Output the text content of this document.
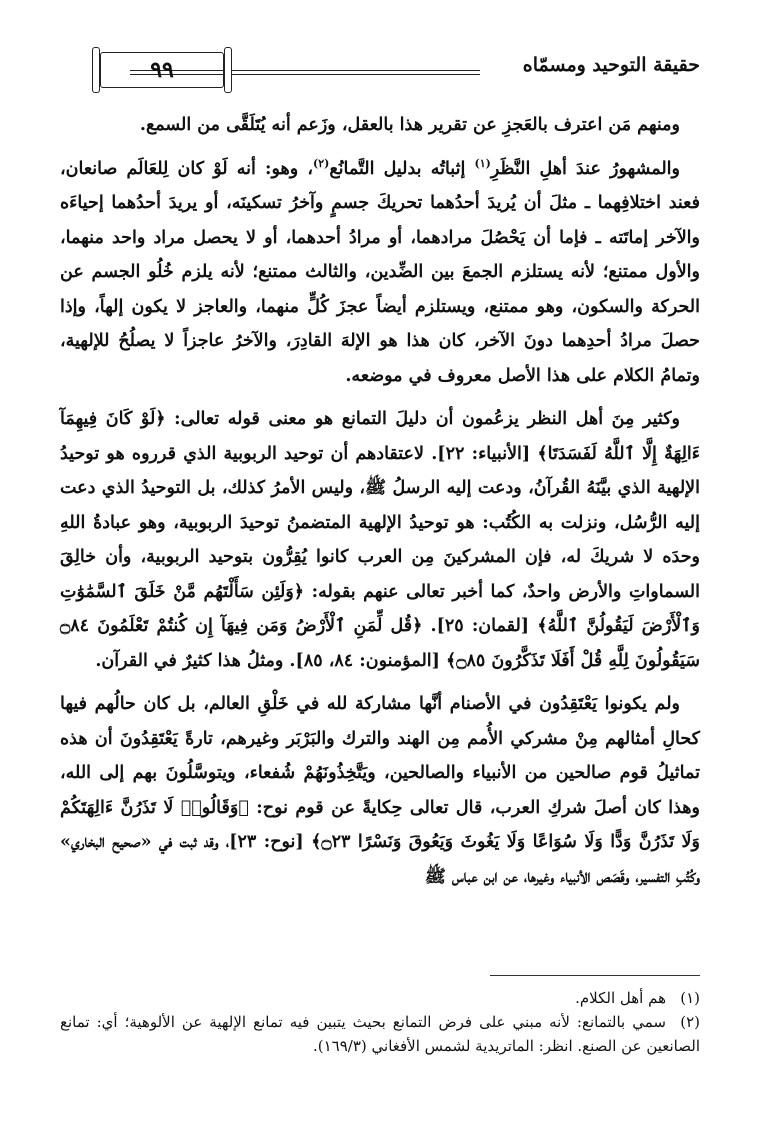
حقيقة التوحيد ومسمّاه
٩٩

ومنهم مَن اعترف بالعَجزِ عن تقرير هذا بالعقل، وزَعم أنه يُتَلَقَّى من السمع.

والمشهورُ عندَ أهلِ النَّظَرِ$^{(١)}$ إثباتُه بدليل التَّمانُع$^{(٢)}$، وهو: أنه لَوْ كان لِلعَالَم صانعان، فعند اختلافِهما ـ مثلَ أن يُريدَ أحدُهما تحريكَ جسمٍ وآخرُ تسكينَه، أو يريدَ أحدُهما إحياءَه والآخر إماتَته ـ فإما أن يَحْصُلَ مرادهما، أو مرادُ أحدهما، أو لا يحصل مراد واحد منهما، والأول ممتنع؛ لأنه يستلزم الجمعَ بين الضِّدين، والثالث ممتنع؛ لأنه يلزم خُلُو الجسم عن الحركة والسكون، وهو ممتنع، ويستلزم أيضاً عجزَ كُلٍّ منهما، والعاجز لا يكون إلهاً، وإذا حصلَ مرادُ أحدِهما دونَ الآخر، كان هذا هو الإلهَ القادِرَ، والآخرُ عاجزاً لا يصلُحُ للإلهية، وتمامُ الكلام على هذا الأصل معروف في موضعه.

وكثير مِنَ أهل النظر يزعُمون أن دليلَ التمانع هو معنى قوله تعالى: ﴿لَوْ كَانَ فِيهِمَآ ءَالِهَةٌ إِلَّا ٱللَّهُ لَفَسَدَتَا﴾ [الأنبياء: ٢٢]. لاعتقادهم أن توحيد الربوبية الذي قرروه هو توحيدُ الإلهية الذي بيَّنَهُ القُرآنُ، ودعت إليه الرسلُ ﷺ، وليس الأمرُ كذلك، بل التوحيدُ الذي دعت إليه الرُّسُل، ونزلت به الكُتُب: هو توحيدُ الإلهية المتضمنُ توحيدَ الربوبية، وهو عبادةُ اللهِ وحدَه لا شريكَ له، فإن المشركينَ مِن العرب كانوا يُقِرُّون بتوحيد الربوبية، وأن خالِقَ السماواتِ والأرض واحدٌ، كما أخبر تعالى عنهم بقوله: ﴿وَلَئِن سَأَلْتَهُم مَّنْ خَلَقَ ٱلسَّمَٰوَٰتِ وَٱلْأَرْضَ لَيَقُولُنَّ ٱللَّهُ﴾ [لقمان: ٢٥]. ﴿قُل لِّمَنِ ٱلْأَرْضُ وَمَن فِيهَآ إِن كُنتُمْ تَعْلَمُونَ ۝٨٤ سَيَقُولُونَ لِلَّهِ قُلْ أَفَلَا تَذَكَّرُونَ ۝٨٥﴾ [المؤمنون: ٨٤، ٨٥]. ومثلُ هذا كثيرٌ في القرآن.

ولم يكونوا يَعْتَقِدُون في الأصنام أنَّها مشاركة لله في خَلْقِ العالم، بل كان حالُهم فيها كحالِ أمثالهم مِنْ مشركي الأُمم مِن الهند والترك والبَرْبَر وغيرهم، تارةً يَعْتَقِدُونَ أن هذه تماثيلُ قوم صالحين من الأنبياء والصالحين، ويَتَّخِذُونَهُمْ شُفعاء، ويتوسَّلُونَ بهم إلى الله، وهذا كان أصلَ شركِ العرب، قال تعالى حِكايةً عن قوم نوح: ﴿وَقَالُوا۟ لَا تَذَرُنَّ ءَالِهَتَكُمْ وَلَا تَذَرُنَّ وَدًّا وَلَا سُوَاعًا وَلَا يَغُوثَ وَيَعُوقَ وَنَسْرًا ۝٢٣﴾ [نوح: ٢٣]، وقد ثبت في «صحيح البخاري» وكُتُبِ التفسير، وقَصَص الأنبياء وغيرها، عن ابن عباس ﷺ

(١)هم أهل الكلام.

(٢)سمي بالتمانع: لأنه مبني على فرض التمانع بحيث يتبين فيه تمانع الإلهية عن الألوهية؛ أي: تمانع الصانعين عن الصنع. انظر: الماتريدية لشمس الأفغاني (١٦٩/٣).
